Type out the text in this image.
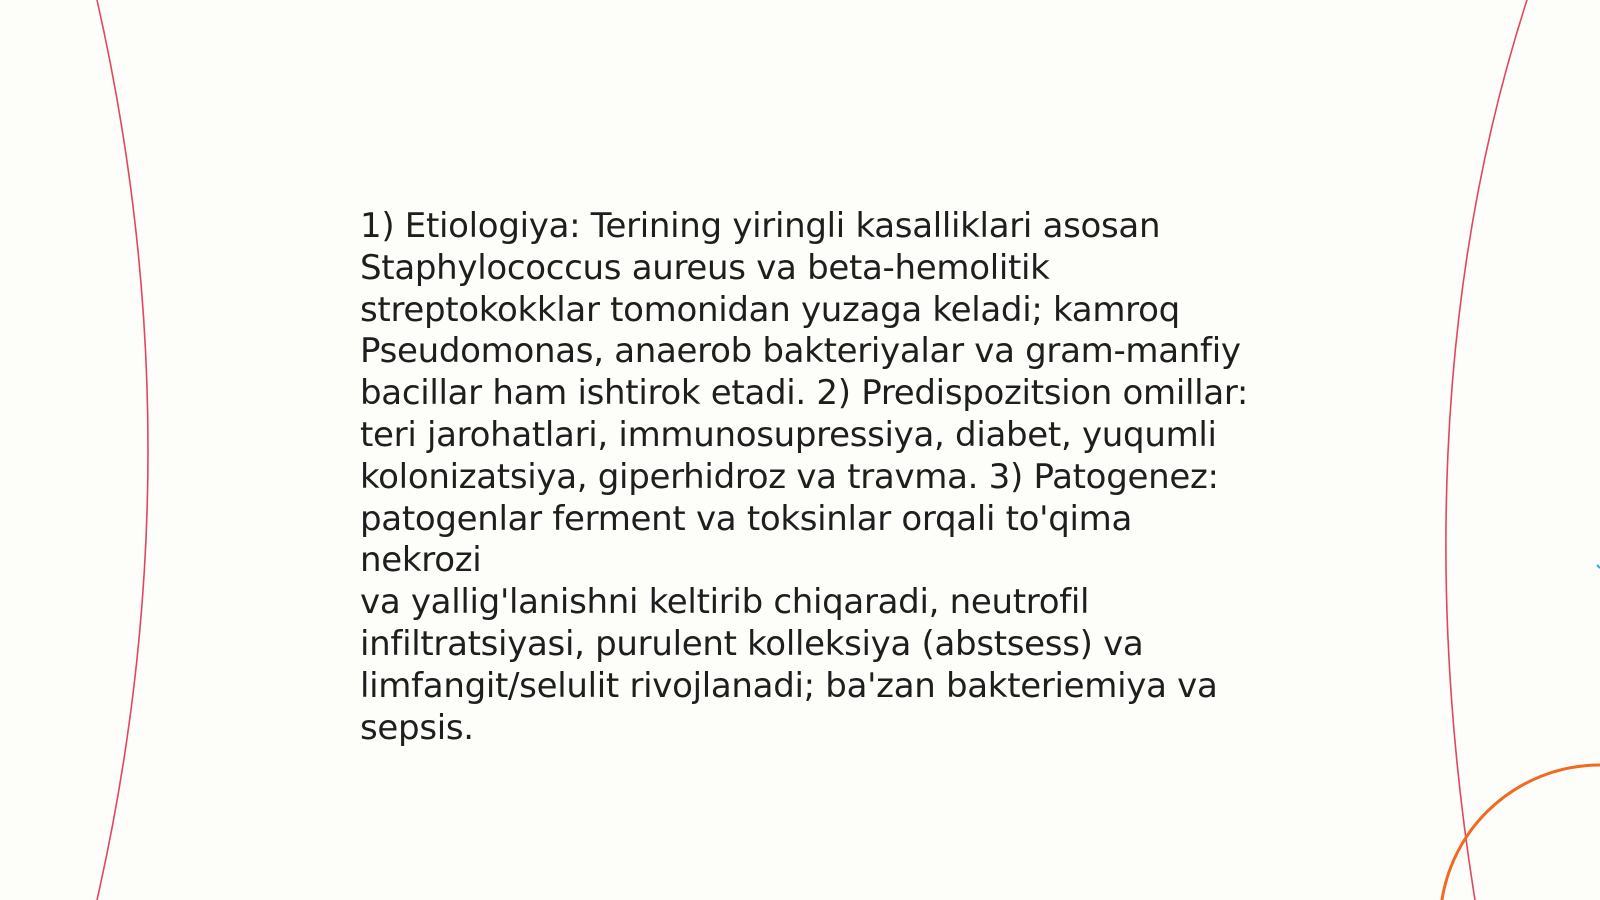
1) Etiologiya: Terining yiringli kasalliklari asosan
Staphylococcus aureus va beta-hemolitik
streptokokklar tomonidan yuzaga keladi; kamroq
Pseudomonas, anaerob bakteriyalar va gram-manfiy
bacillar ham ishtirok etadi. 2) Predispozitsion omillar:
teri jarohatlari, immunosupressiya, diabet, yuqumli
kolonizatsiya, giperhidroz va travma. 3) Patogenez:
patogenlar ferment va toksinlar orqali to'qima nekrozi
va yallig'lanishni keltirib chiqaradi, neutrofil
infiltratsiyasi, purulent kolleksiya (abstsess) va
limfangit/selulit rivojlanadi; ba'zan bakteriemiya va
sepsis.
